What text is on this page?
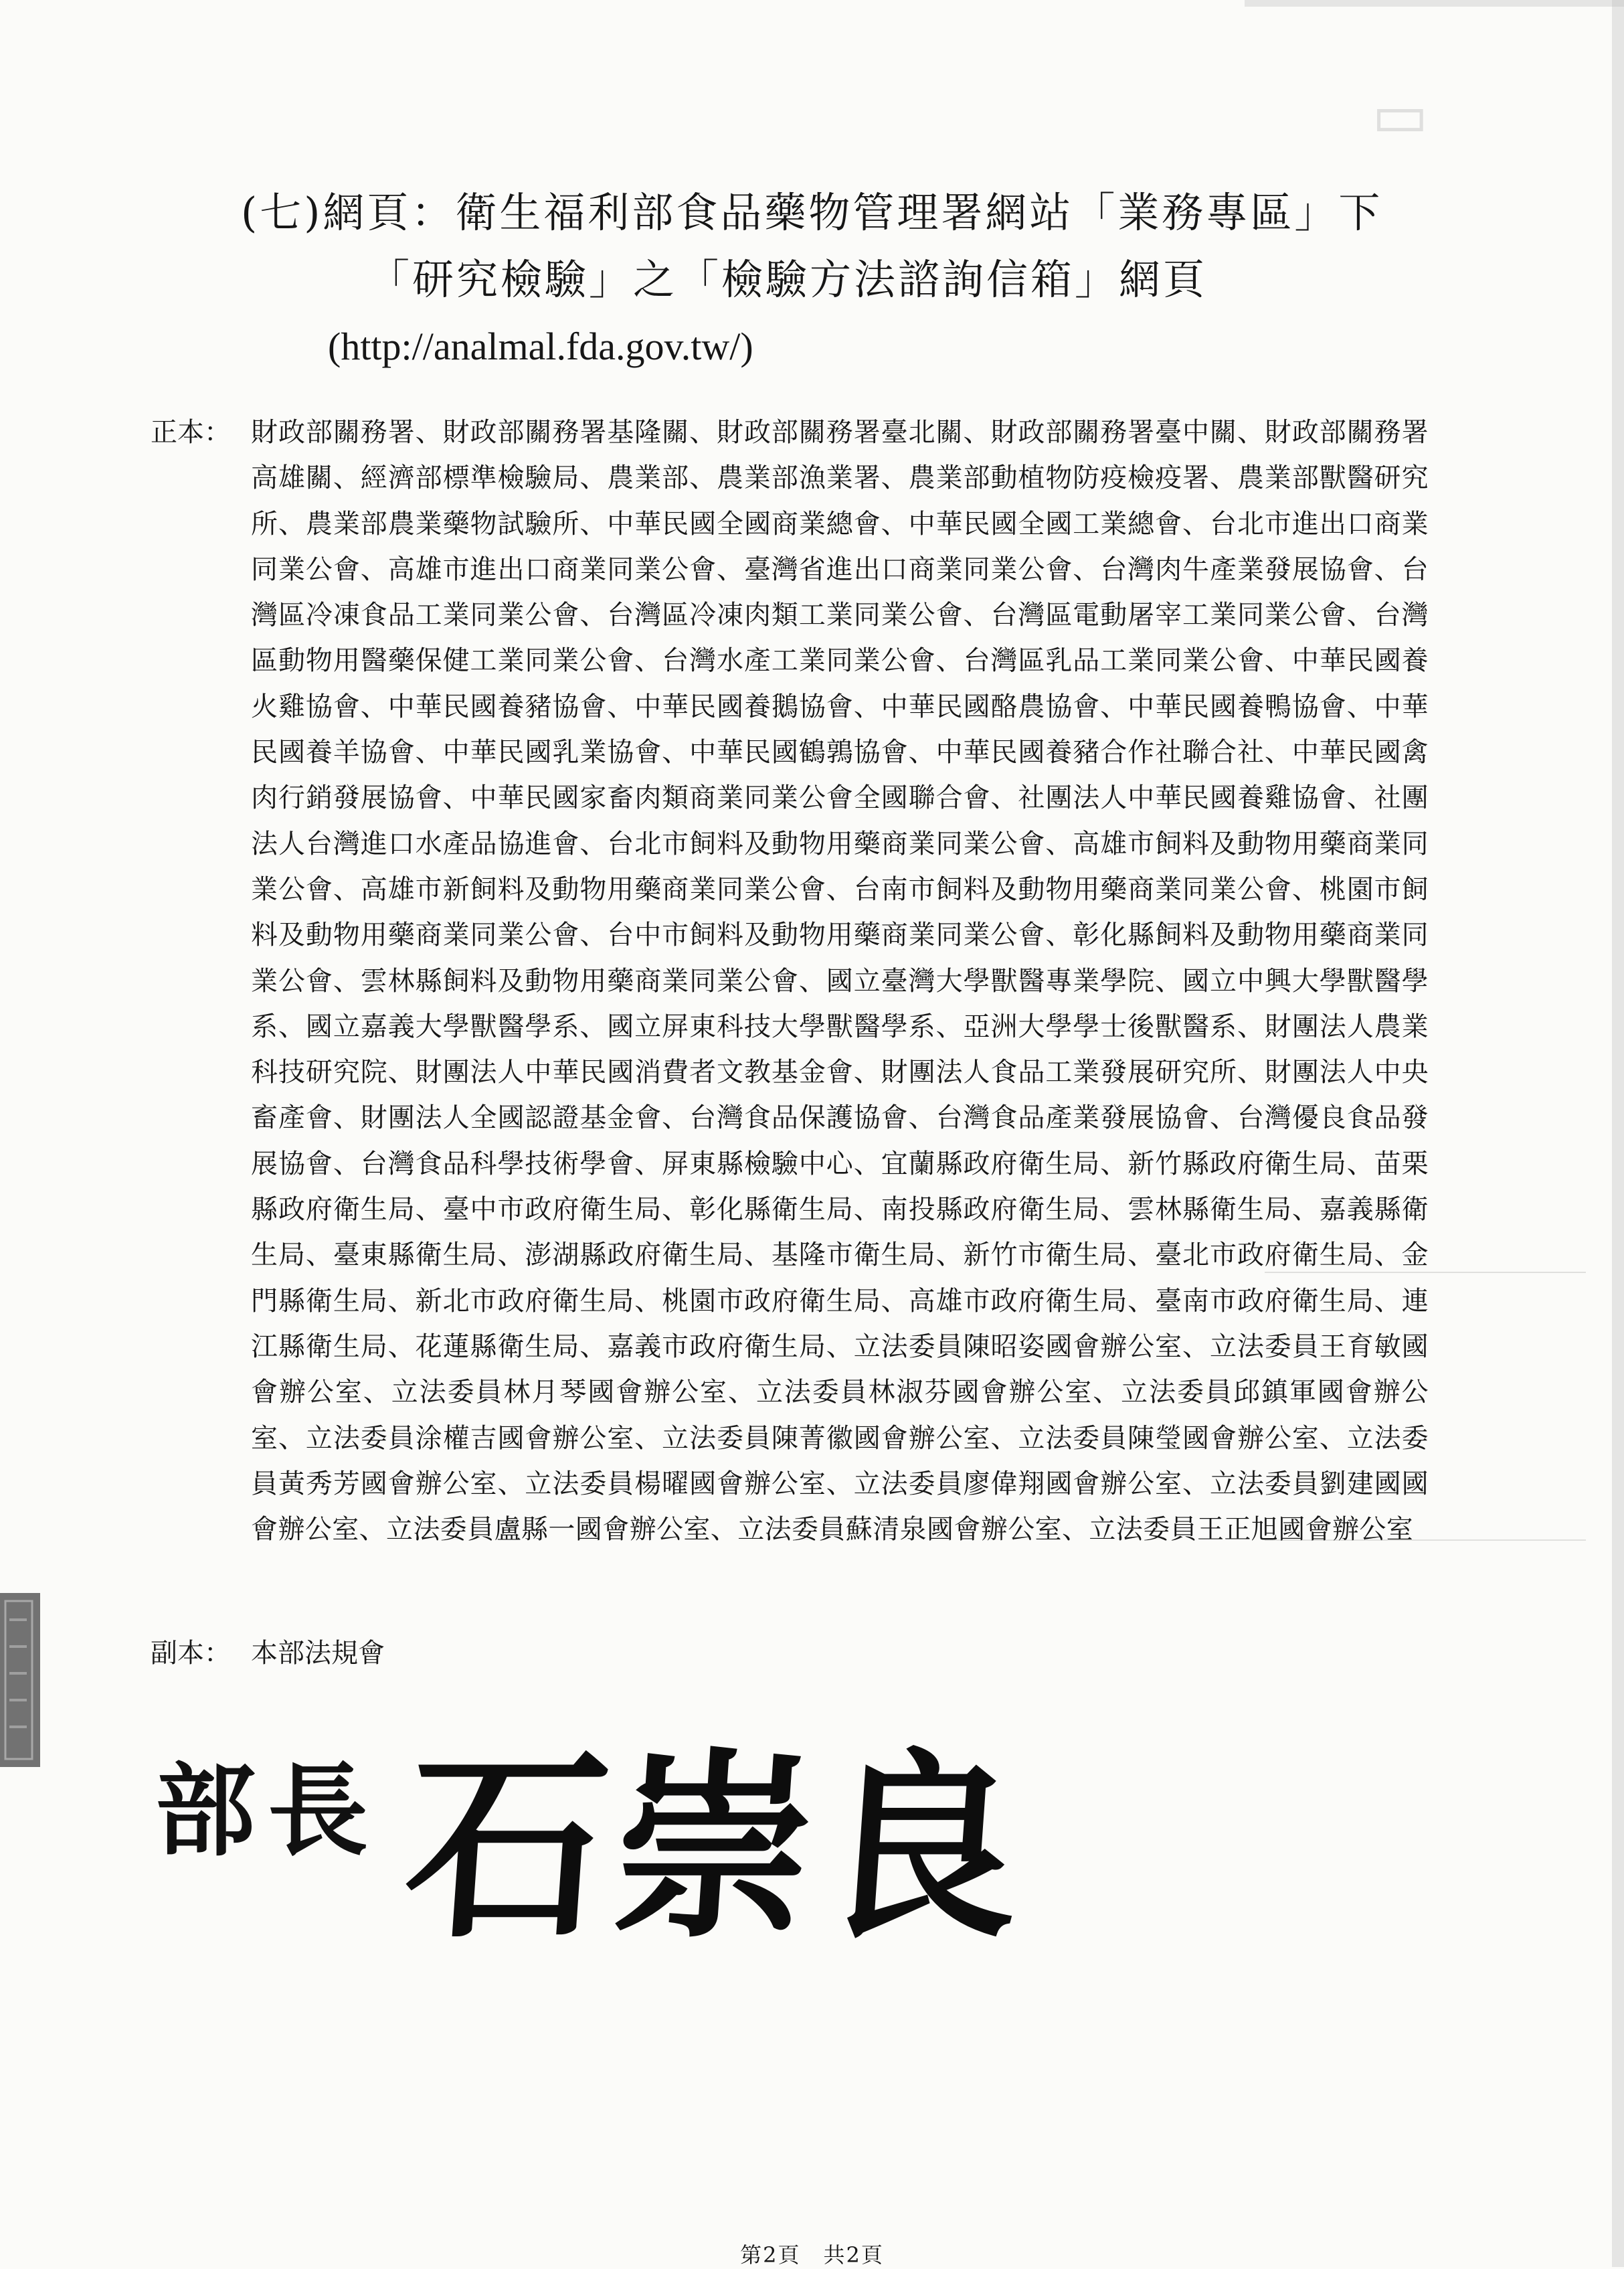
▭
(七)網頁：衛生福利部食品藥物管理署網站「業務專區」下
「研究檢驗」之「檢驗方法諮詢信箱」網頁
(http://analmal.fda.gov.tw/)
正本： 財政部關務署、財政部關務署基隆關、財政部關務署臺北關、財政部關務署臺中關、財政部關務署高雄關、經濟部標準檢驗局、農業部、農業部漁業署、農業部動植物防疫檢疫署、農業部獸醫研究所、農業部農業藥物試驗所、中華民國全國商業總會、中華民國全國工業總會、台北市進出口商業同業公會、高雄市進出口商業同業公會、臺灣省進出口商業同業公會、台灣肉牛產業發展協會、台灣區冷凍食品工業同業公會、台灣區冷凍肉類工業同業公會、台灣區電動屠宰工業同業公會、台灣區動物用醫藥保健工業同業公會、台灣水產工業同業公會、台灣區乳品工業同業公會、中華民國養火雞協會、中華民國養豬協會、中華民國養鵝協會、中華民國酪農協會、中華民國養鴨協會、中華民國養羊協會、中華民國乳業協會、中華民國鶴鶉協會、中華民國養豬合作社聯合社、中華民國禽肉行銷發展協會、中華民國家畜肉類商業同業公會全國聯合會、社團法人中華民國養雞協會、社團法人台灣進口水產品協進會、台北市飼料及動物用藥商業同業公會、高雄市飼料及動物用藥商業同業公會、高雄市新飼料及動物用藥商業同業公會、台南市飼料及動物用藥商業同業公會、桃園市飼料及動物用藥商業同業公會、台中市飼料及動物用藥商業同業公會、彰化縣飼料及動物用藥商業同業公會、雲林縣飼料及動物用藥商業同業公會、國立臺灣大學獸醫專業學院、國立中興大學獸醫學系、國立嘉義大學獸醫學系、國立屏東科技大學獸醫學系、亞洲大學學士後獸醫系、財團法人農業科技研究院、財團法人中華民國消費者文教基金會、財團法人食品工業發展研究所、財團法人中央畜產會、財團法人全國認證基金會、台灣食品保護協會、台灣食品產業發展協會、台灣優良食品發展協會、台灣食品科學技術學會、屏東縣檢驗中心、宜蘭縣政府衛生局、新竹縣政府衛生局、苗栗縣政府衛生局、臺中市政府衛生局、彰化縣衛生局、南投縣政府衛生局、雲林縣衛生局、嘉義縣衛生局、臺東縣衛生局、澎湖縣政府衛生局、基隆市衛生局、新竹市衛生局、臺北市政府衛生局、金門縣衛生局、新北市政府衛生局、桃園市政府衛生局、高雄市政府衛生局、臺南市政府衛生局、連江縣衛生局、花蓮縣衛生局、嘉義市政府衛生局、立法委員陳昭姿國會辦公室、立法委員王育敏國會辦公室、立法委員林月琴國會辦公室、立法委員林淑芬國會辦公室、立法委員邱鎮軍國會辦公室、立法委員涂權吉國會辦公室、立法委員陳菁徽國會辦公室、立法委員陳瑩國會辦公室、立法委員黃秀芳國會辦公室、立法委員楊曜國會辦公室、立法委員廖偉翔國會辦公室、立法委員劉建國國會辦公室、立法委員盧縣一國會辦公室、立法委員蘇清泉國會辦公室、立法委員王正旭國會辦公室
副本： 本部法規會
部長 石崇良
第2頁　共2頁
